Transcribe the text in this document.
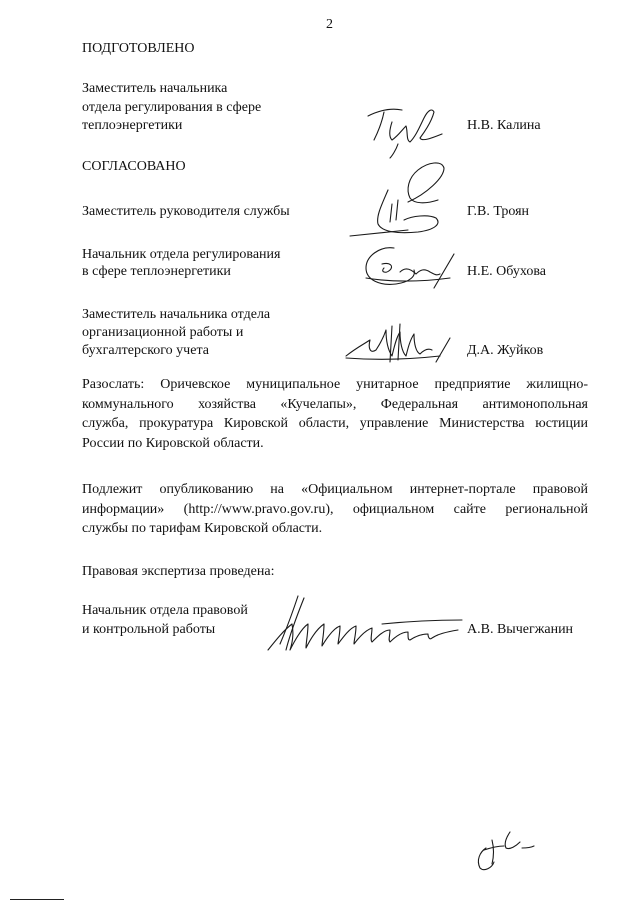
2
ПОДГОТОВЛЕНО
Заместитель начальника
отдела регулирования в сфере
теплоэнергетики	Н.В. Калина
СОГЛАСОВАНО
Заместитель руководителя службы	Г.В. Троян
Начальник отдела регулирования
в сфере теплоэнергетики	Н.Е. Обухова
Заместитель начальника отдела
организационной работы и
бухгалтерского учета	Д.А. Жуйков
Разослать: Оричевское муниципальное унитарное предприятие жилищно-
коммунального хозяйства «Кучелапы», Федеральная антимонопольная
служба, прокуратура Кировской области, управление Министерства юстиции
России по Кировской области.
Подлежит опубликованию на «Официальном интернет-портале правовой
информации» (http://www.pravo.gov.ru), официальном сайте региональной
службы по тарифам Кировской области.
Правовая экспертиза проведена:
Начальник отдела правовой
и контрольной работы	А.В. Вычегжанин
